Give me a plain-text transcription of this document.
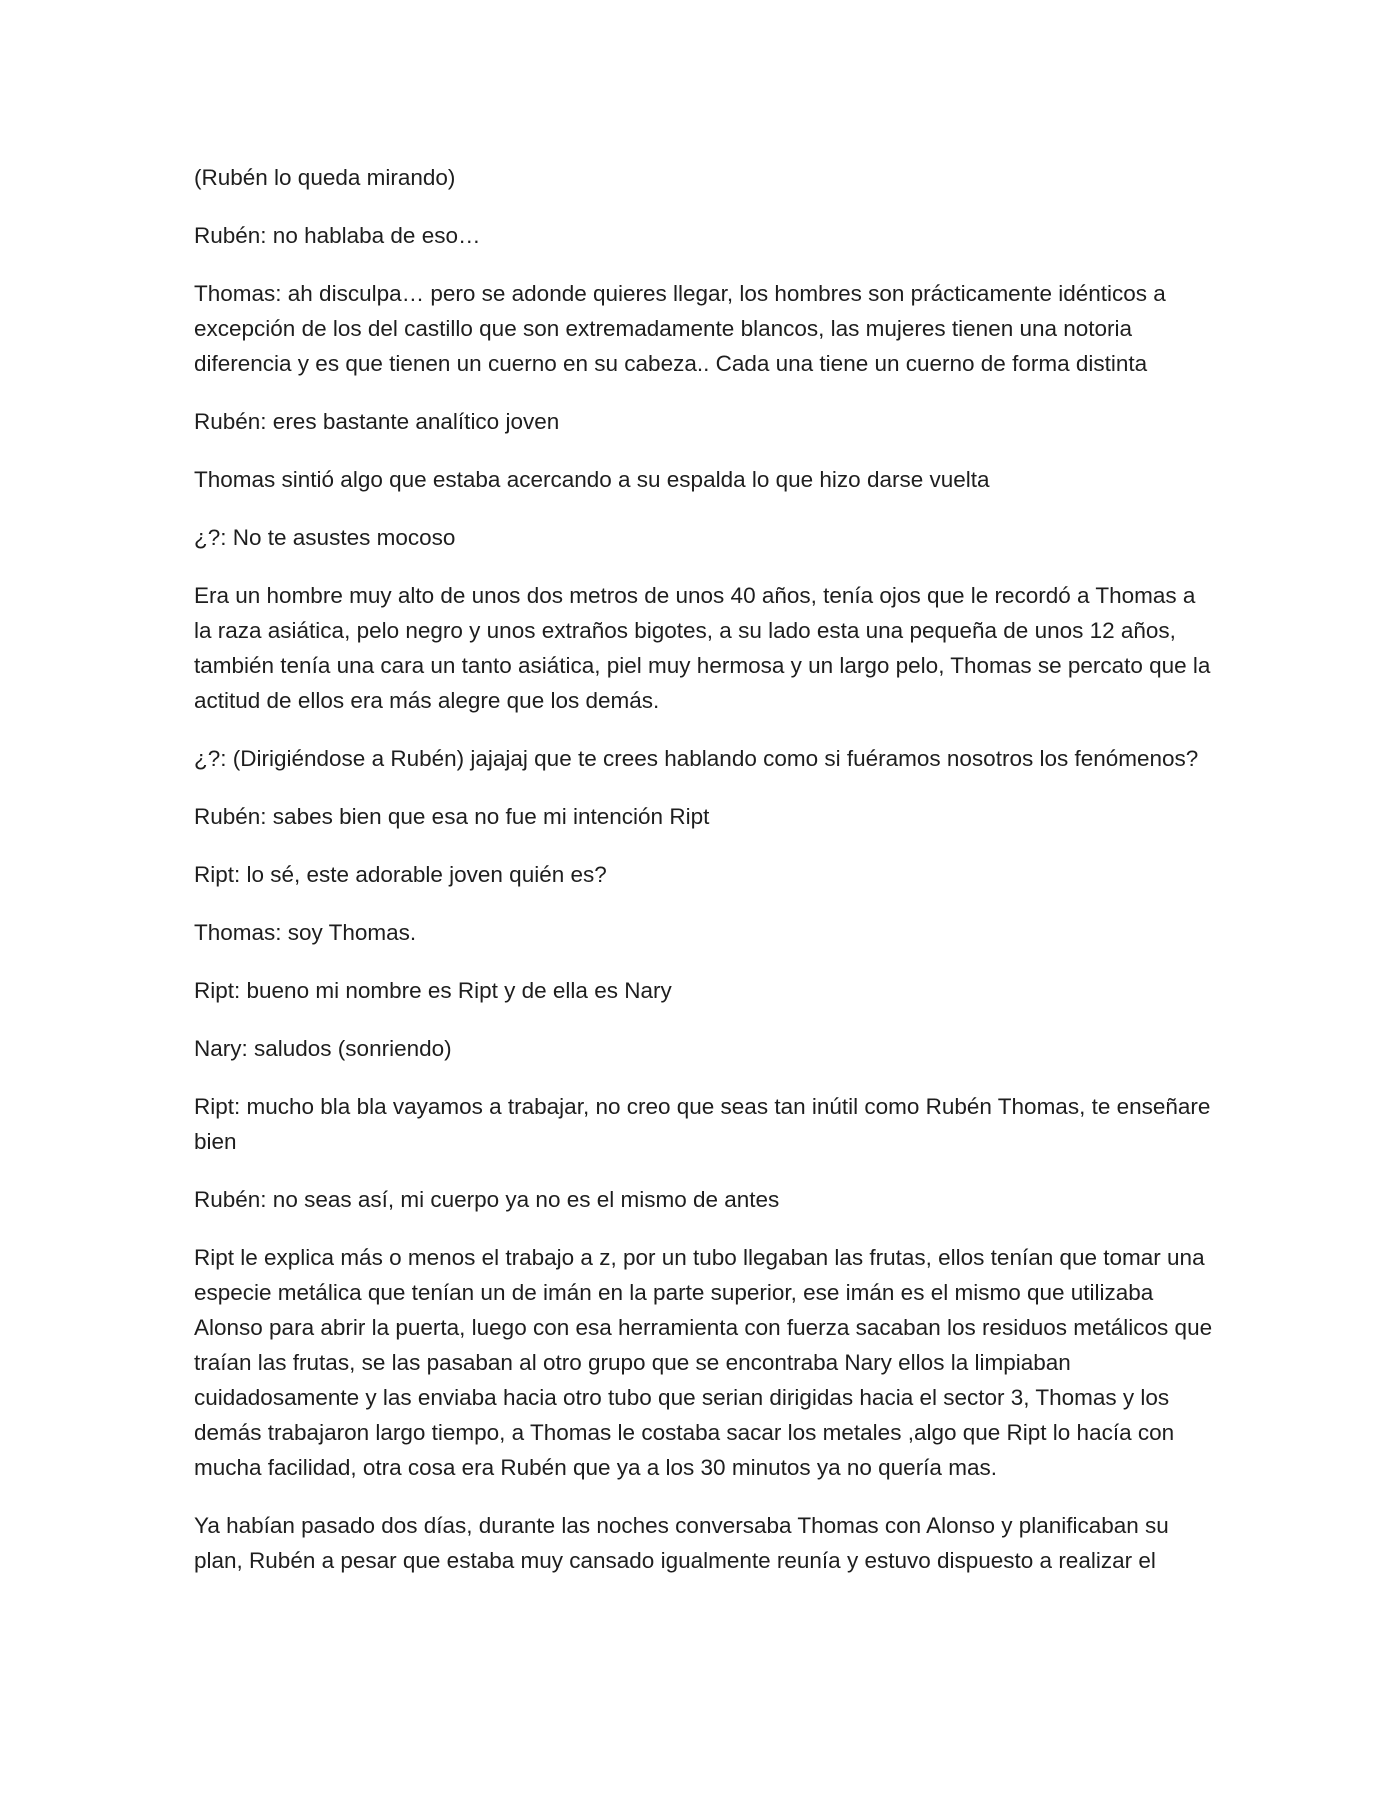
(Rubén lo queda mirando)

Rubén: no hablaba de eso…

Thomas: ah disculpa… pero se adonde quieres llegar, los hombres son prácticamente idénticos a excepción de los del castillo que son extremadamente blancos, las mujeres tienen una notoria diferencia y es que tienen un cuerno en su cabeza.. Cada una tiene un cuerno de forma distinta

Rubén: eres bastante analítico joven

Thomas sintió algo que estaba acercando a su espalda lo que hizo darse vuelta

¿?: No te asustes mocoso

Era un hombre muy alto de unos dos metros de unos 40 años, tenía ojos que le recordó a Thomas a la raza asiática, pelo negro y unos extraños bigotes, a su lado esta una pequeña de unos 12 años, también tenía una cara un tanto asiática, piel muy hermosa y un largo pelo, Thomas se percato que la actitud de ellos era más alegre que los demás.

¿?: (Dirigiéndose a Rubén) jajajaj que te crees hablando como si fuéramos nosotros los fenómenos?

Rubén: sabes bien que esa no fue mi intención Ript

Ript: lo sé, este adorable joven quién es?

Thomas: soy Thomas.

Ript: bueno mi nombre es Ript y de ella es Nary

Nary: saludos (sonriendo)

Ript: mucho bla bla vayamos a trabajar, no creo que seas tan inútil como Rubén Thomas, te enseñare bien

Rubén: no seas así, mi cuerpo ya no es el mismo de antes

Ript le explica más o menos el trabajo a z, por un tubo llegaban las frutas, ellos tenían que tomar una especie metálica que tenían un de imán en la parte superior, ese imán es el mismo que utilizaba Alonso para abrir la puerta, luego con esa herramienta con fuerza sacaban los residuos metálicos que traían las frutas, se las pasaban al otro grupo que se encontraba Nary ellos la limpiaban cuidadosamente y las enviaba hacia otro tubo que serian dirigidas hacia el sector 3, Thomas y los demás trabajaron largo tiempo, a Thomas le costaba sacar los metales ,algo que Ript lo hacía con mucha facilidad, otra cosa era Rubén que ya a los 30 minutos ya no quería mas.

Ya habían pasado dos días, durante las noches conversaba Thomas con Alonso y planificaban su plan, Rubén a pesar que estaba muy cansado igualmente reunía y estuvo dispuesto a realizar el
